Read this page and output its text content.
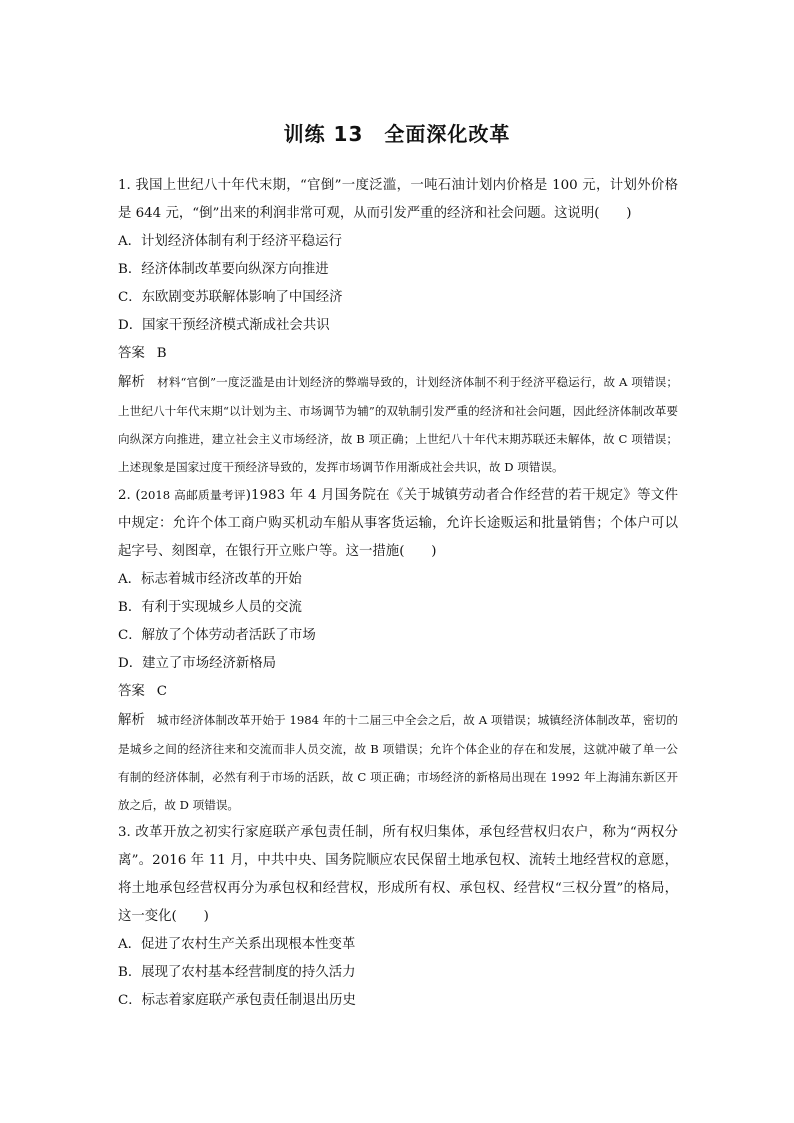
训练 13　全面深化改革

1. 我国上世纪八十年代末期，“官倒”一度泛滥，一吨石油计划内价格是 100 元，计划外价格是 644 元，“倒”出来的利润非常可观，从而引发严重的经济和社会问题。这说明(　　)

A．计划经济体制有利于经济平稳运行

B．经济体制改革要向纵深方向推进

C．东欧剧变苏联解体影响了中国经济

D．国家干预经济模式渐成社会共识

答案 B

解析 材料“官倒”一度泛滥是由计划经济的弊端导致的，计划经济体制不利于经济平稳运行，故 A 项错误；上世纪八十年代末期“以计划为主、市场调节为辅”的双轨制引发严重的经济和社会问题，因此经济体制改革要向纵深方向推进，建立社会主义市场经济，故 B 项正确；上世纪八十年代末期苏联还未解体，故 C 项错误；上述现象是国家过度干预经济导致的，发挥市场调节作用渐成社会共识，故 D 项错误。

2. (2018 高邮质量考评)1983 年 4 月国务院在《关于城镇劳动者合作经营的若干规定》等文件中规定：允许个体工商户购买机动车船从事客货运输，允许长途贩运和批量销售；个体户可以起字号、刻图章，在银行开立账户等。这一措施(　　)

A．标志着城市经济改革的开始

B．有利于实现城乡人员的交流

C．解放了个体劳动者活跃了市场

D．建立了市场经济新格局

答案 C

解析 城市经济体制改革开始于 1984 年的十二届三中全会之后，故 A 项错误；城镇经济体制改革，密切的是城乡之间的经济往来和交流而非人员交流，故 B 项错误；允许个体企业的存在和发展，这就冲破了单一公有制的经济体制，必然有利于市场的活跃，故 C 项正确；市场经济的新格局出现在 1992 年上海浦东新区开放之后，故 D 项错误。

3. 改革开放之初实行家庭联产承包责任制，所有权归集体，承包经营权归农户，称为“两权分离”。2016 年 11 月，中共中央、国务院顺应农民保留土地承包权、流转土地经营权的意愿，将土地承包经营权再分为承包权和经营权，形成所有权、承包权、经营权“三权分置”的格局，这一变化(　　)

A．促进了农村生产关系出现根本性变革

B．展现了农村基本经营制度的持久活力

C．标志着家庭联产承包责任制退出历史
